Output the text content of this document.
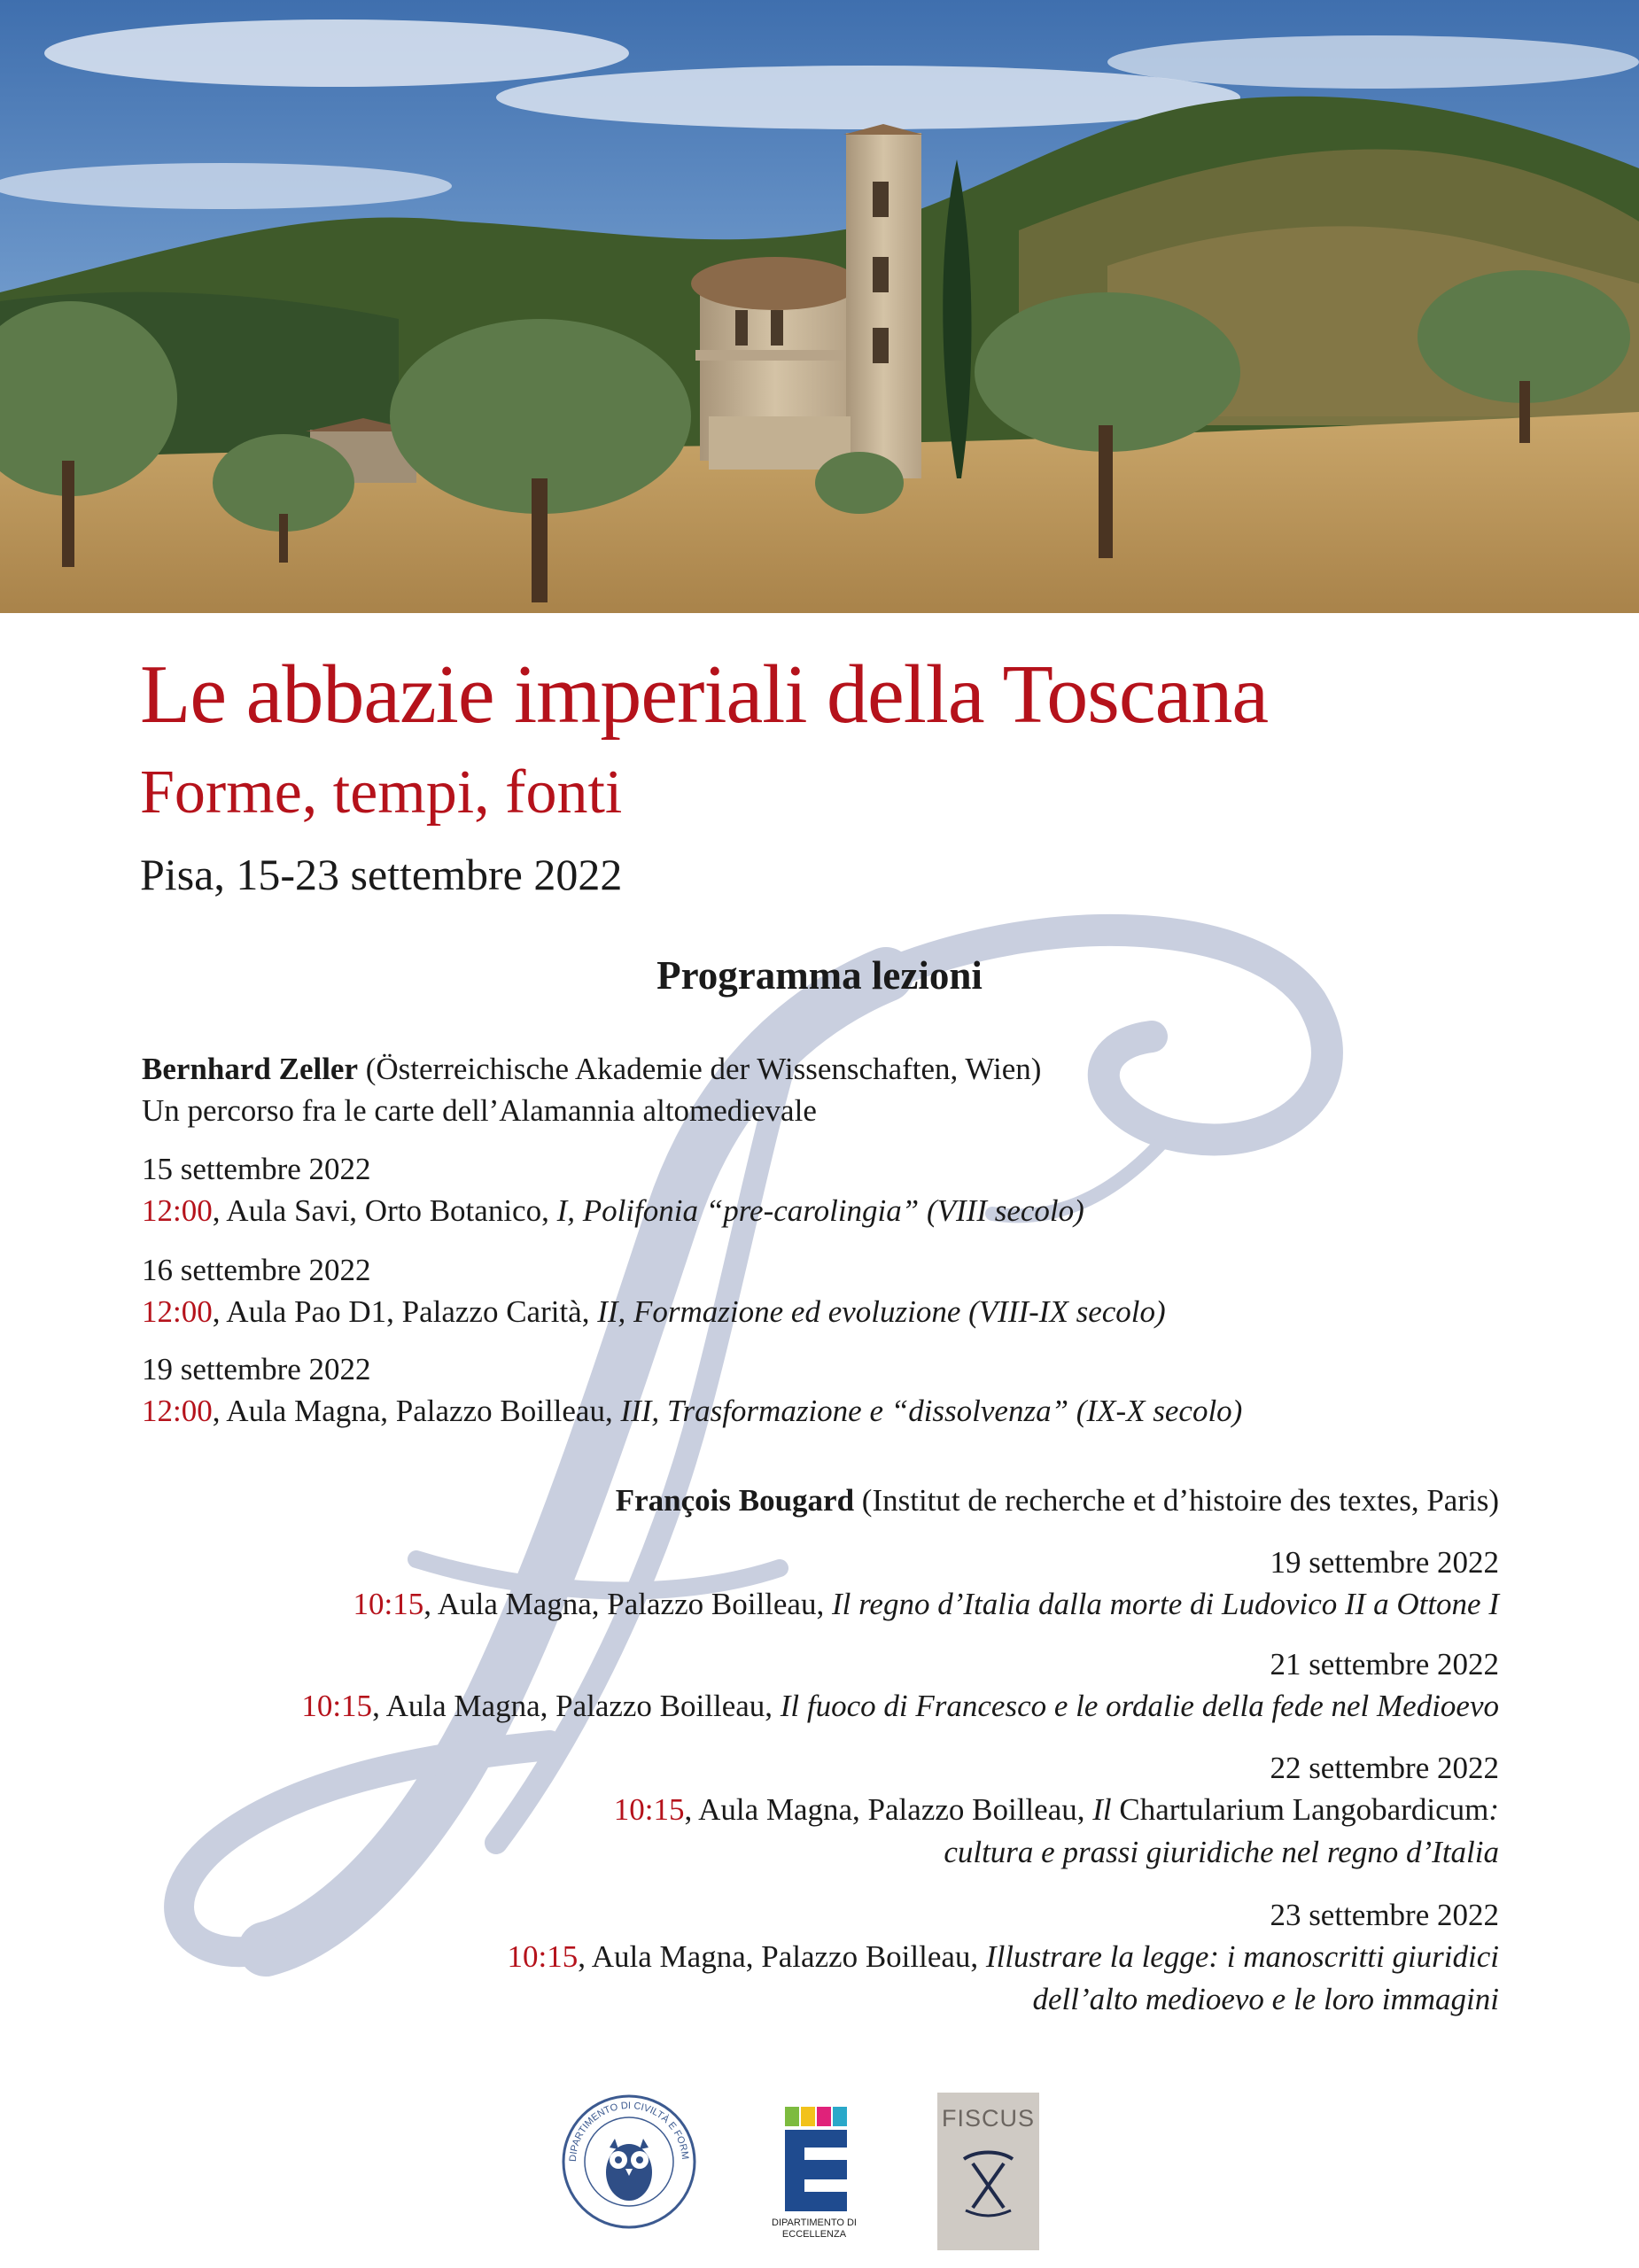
Le abbazie imperiali della Toscana
Forme, tempi, fonti
Pisa, 15-23 settembre 2022
Programma lezioni
Bernhard Zeller (Österreichische Akademie der Wissenschaften, Wien)
Un percorso fra le carte dell’Alamannia altomedievale
15 settembre 2022
12:00, Aula Savi, Orto Botanico, I, Polifonia “pre-carolingia” (VIII secolo)
16 settembre 2022
12:00, Aula Pao D1, Palazzo Carità, II, Formazione ed evoluzione (VIII-IX secolo)
19 settembre 2022
12:00, Aula Magna, Palazzo Boilleau, III, Trasformazione e “dissolvenza” (IX-X secolo)
François Bougard (Institut de recherche et d’histoire des textes, Paris)
19 settembre 2022
10:15, Aula Magna, Palazzo Boilleau, Il regno d’Italia dalla morte di Ludovico II a Ottone I
21 settembre 2022
10:15, Aula Magna, Palazzo Boilleau, Il fuoco di Francesco e le ordalie della fede nel Medioevo
22 settembre 2022
10:15, Aula Magna, Palazzo Boilleau, Il Chartularium Langobardicum:
cultura e prassi giuridiche nel regno d’Italia
23 settembre 2022
10:15, Aula Magna, Palazzo Boilleau, Illustrare la legge: i manoscritti giuridici
dell’alto medioevo e le loro immagini
DIPARTIMENTO DI CIVILTÀ E FORM
DIPARTIMENTO DI
ECCELLENZA
FISCUS
